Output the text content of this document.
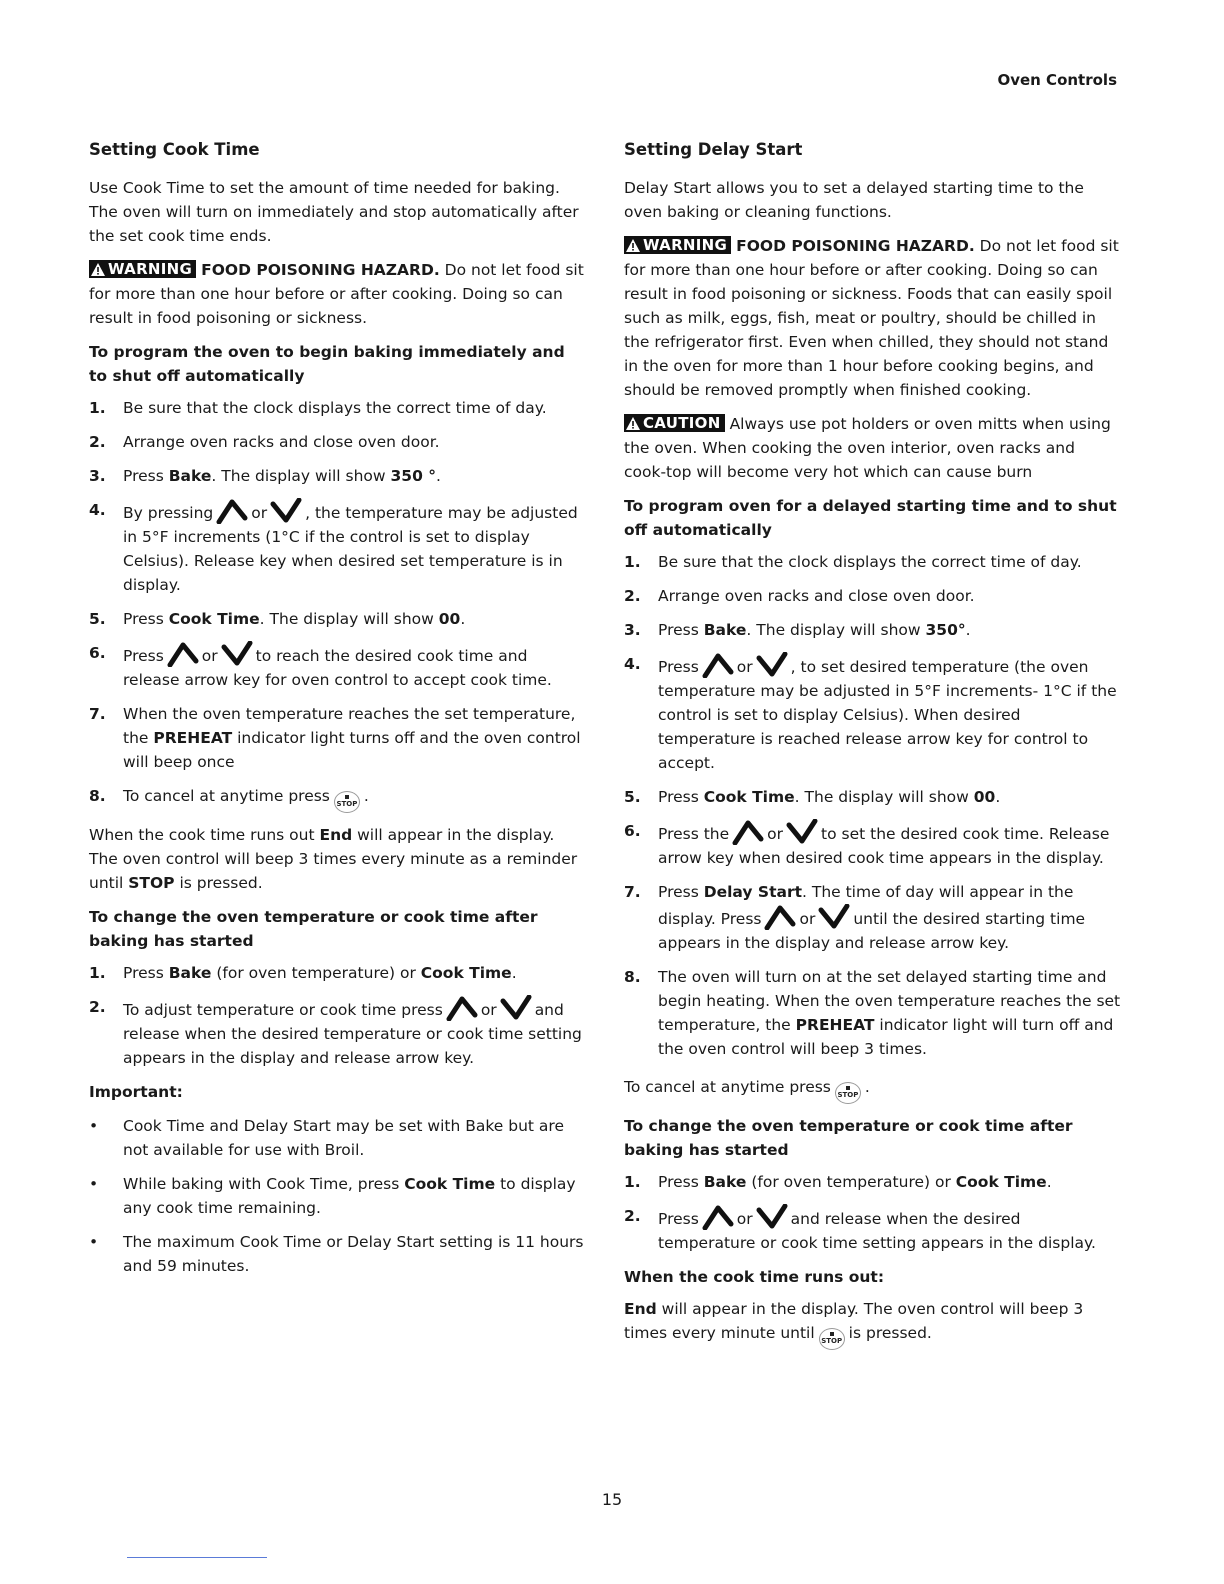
Oven Controls
Setting Cook Time

Use Cook Time to set the amount of time needed for baking. The oven will turn on immediately and stop automatically after the set cook time ends.

WARNING FOOD POISONING HAZARD. Do not let food sit for more than one hour before or after cooking. Doing so can result in food poisoning or sickness.

To program the oven to begin baking immediately and to shut off automatically
1. Be sure that the clock displays the correct time of day.
2. Arrange oven racks and close oven door.
3. Press Bake. The display will show 350 °.
4. By pressing or , the temperature may be adjusted in 5°F increments (1°C if the control is set to display Celsius). Release key when desired set temperature is in display.
5. Press Cook Time. The display will show 00.
6. Press or to reach the desired cook time and release arrow key for oven control to accept cook time.
7. When the oven temperature reaches the set temperature, the PREHEAT indicator light turns off and the oven control will beep once
8. To cancel at anytime press STOP .

When the cook time runs out End will appear in the display. The oven control will beep 3 times every minute as a reminder until STOP is pressed.

To change the oven temperature or cook time after baking has started
1. Press Bake (for oven temperature) or Cook Time.
2. To adjust temperature or cook time press or and release when the desired temperature or cook time setting appears in the display and release arrow key.

Important:

• Cook Time and Delay Start may be set with Bake but are not available for use with Broil.
• While baking with Cook Time, press Cook Time to display any cook time remaining.
• The maximum Cook Time or Delay Start setting is 11 hours and 59 minutes.
Setting Delay Start

Delay Start allows you to set a delayed starting time to the oven baking or cleaning functions.

WARNING FOOD POISONING HAZARD. Do not let food sit for more than one hour before or after cooking. Doing so can result in food poisoning or sickness. Foods that can easily spoil such as milk, eggs, fish, meat or poultry, should be chilled in the refrigerator first. Even when chilled, they should not stand in the oven for more than 1 hour before cooking begins, and should be removed promptly when finished cooking.

CAUTION Always use pot holders or oven mitts when using the oven. When cooking the oven interior, oven racks and cook-top will become very hot which can cause burn

To program oven for a delayed starting time and to shut off automatically
1. Be sure that the clock displays the correct time of day.
2. Arrange oven racks and close oven door.
3. Press Bake. The display will show 350°.
4. Press or , to set desired temperature (the oven temperature may be adjusted in 5°F increments- 1°C if the control is set to display Celsius). When desired temperature is reached release arrow key for control to accept.
5. Press Cook Time. The display will show 00.
6. Press the or to set the desired cook time. Release arrow key when desired cook time appears in the display.
7. Press Delay Start. The time of day will appear in the display. Press or until the desired starting time appears in the display and release arrow key.
8. The oven will turn on at the set delayed starting time and begin heating. When the oven temperature reaches the set temperature, the PREHEAT indicator light will turn off and the oven control will beep 3 times.

To cancel at anytime press STOP .

To change the oven temperature or cook time after baking has started
1. Press Bake (for oven temperature) or Cook Time.
2. Press or and release when the desired temperature or cook time setting appears in the display.
When the cook time runs out:

End will appear in the display. The oven control will beep 3 times every minute until STOP is pressed.

15
